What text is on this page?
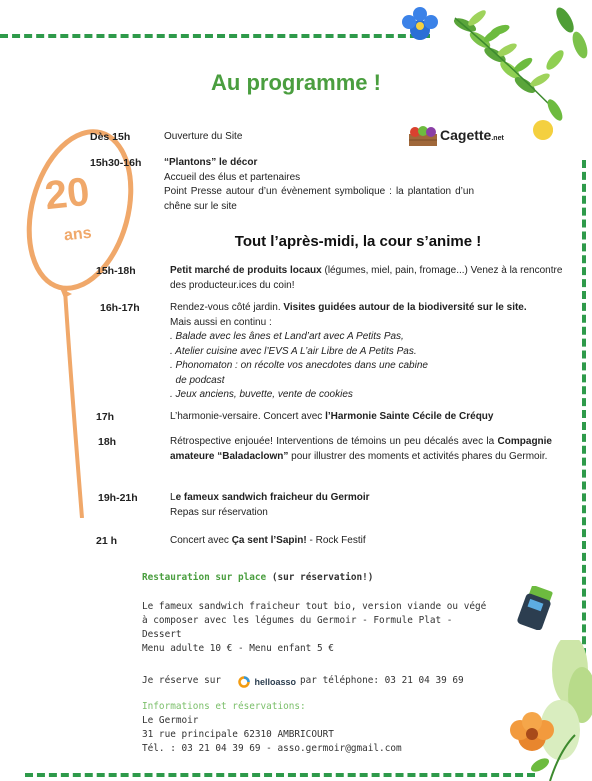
20
ans
Au programme !
Cagette.net
Dès 15h	Ouverture du Site
15h30-16h “Plantons” le décor
Accueil des élus et partenaires

Point Presse autour d’un évènement symbolique : la plantation d’un chêne sur le site
Tout l’après-midi, la cour s’anime !
15h-18h	Petit marché de produits locaux (légumes, miel, pain, fromage...) Venez à la rencontre des producteur.ices du coin!
16h-17h	Rendez-vous côté jardin. Visites guidées autour de la biodiversité sur le site.
Mais aussi en continu :
. Balade avec les ânes et Land’art avec A Petits Pas,
. Atelier cuisine avec l’EVS A L’air Libre de A Petits Pas.
. Phonomaton : on récolte vos anecdotes dans une cabine
de podcast
. Jeux anciens, buvette, vente de cookies
17h	L’harmonie-versaire. Concert avec l’Harmonie Sainte Cécile de Créquy
18h	Rétrospective enjouée! Interventions de témoins un peu décalés avec la Compagnie amateure “Baladaclown” pour illustrer des moments et activités phares du Germoir.
19h-21h	Le fameux sandwich fraicheur du Germoir
Repas sur réservation
21 h	Concert avec Ça sent l’Sapin! - Rock Festif
Restauration sur place (sur réservation!)
Le fameux sandwich fraicheur tout bio, version viande ou végé
à composer avec les légumes du Germoir - Formule Plat -
Dessert
Menu adulte 10 € - Menu enfant 5 €
Je réserve sur	helloasso par téléphone: 03 21 04 39 69
Informations et réservations:
Le Germoir
31 rue principale 62310 AMBRICOURT
Tél. : 03 21 04 39 69 - asso.germoir@gmail.com
